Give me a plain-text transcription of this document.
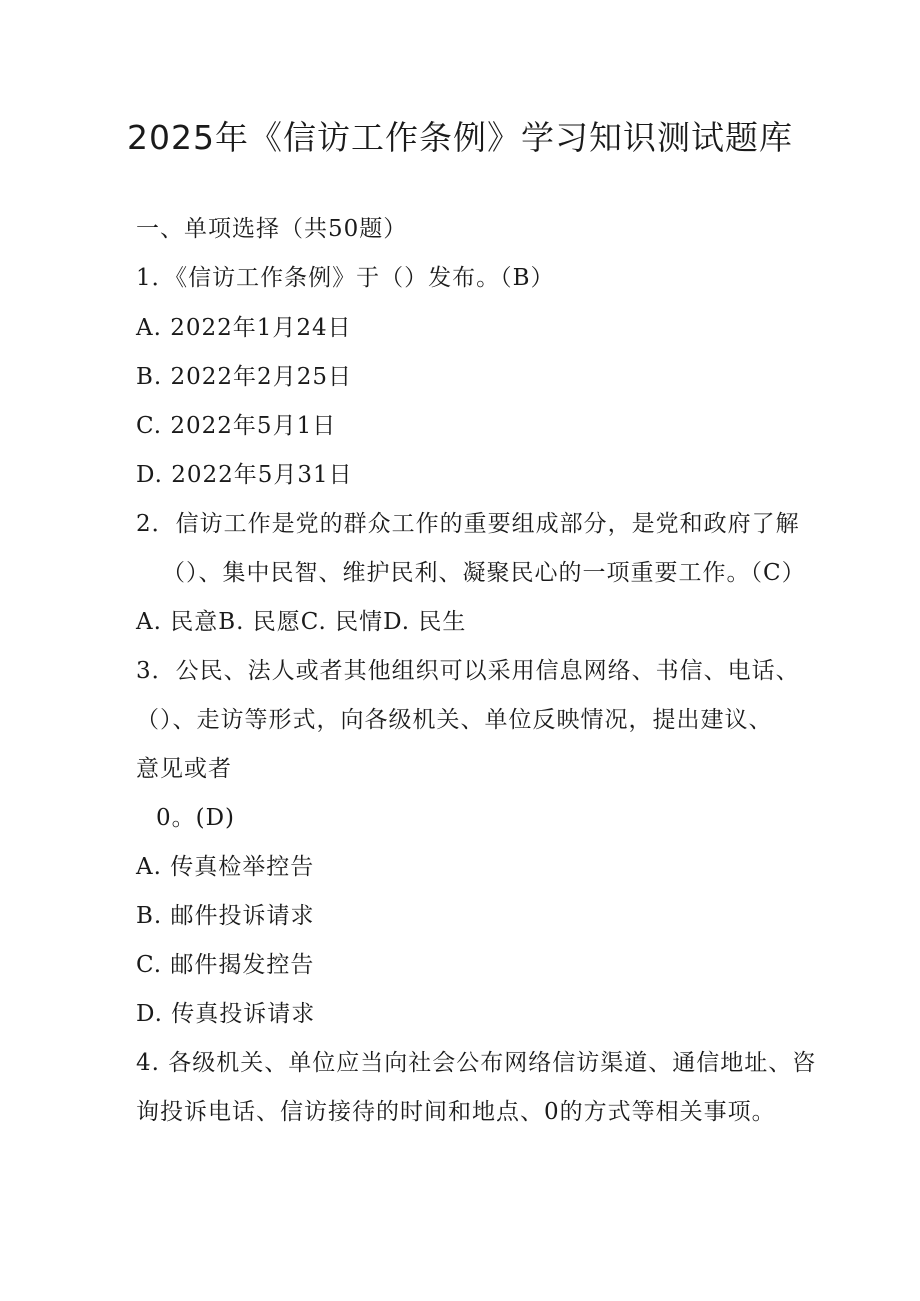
2025年《信访工作条例》学习知识测试题库
一、单项选择（共50题）
1．《信访工作条例》于（）发布。（B）
A. 2022年1月24日
B. 2022年2月25日
C. 2022年5月1日
D. 2022年5月31日
2．信访工作是党的群众工作的重要组成部分，是党和政府了解
（）、集中民智、维护民利、凝聚民心的一项重要工作。（C）
A. 民意B. 民愿C. 民情D. 民生
3．公民、法人或者其他组织可以采用信息网络、书信、电话、
（）、走访等形式，向各级机关、单位反映情况，提出建议、
意见或者
0。(D)
A. 传真检举控告
B. 邮件投诉请求
C. 邮件揭发控告
D. 传真投诉请求
4. 各级机关、单位应当向社会公布网络信访渠道、通信地址、咨
询投诉电话、信访接待的时间和地点、0的方式等相关事项。
